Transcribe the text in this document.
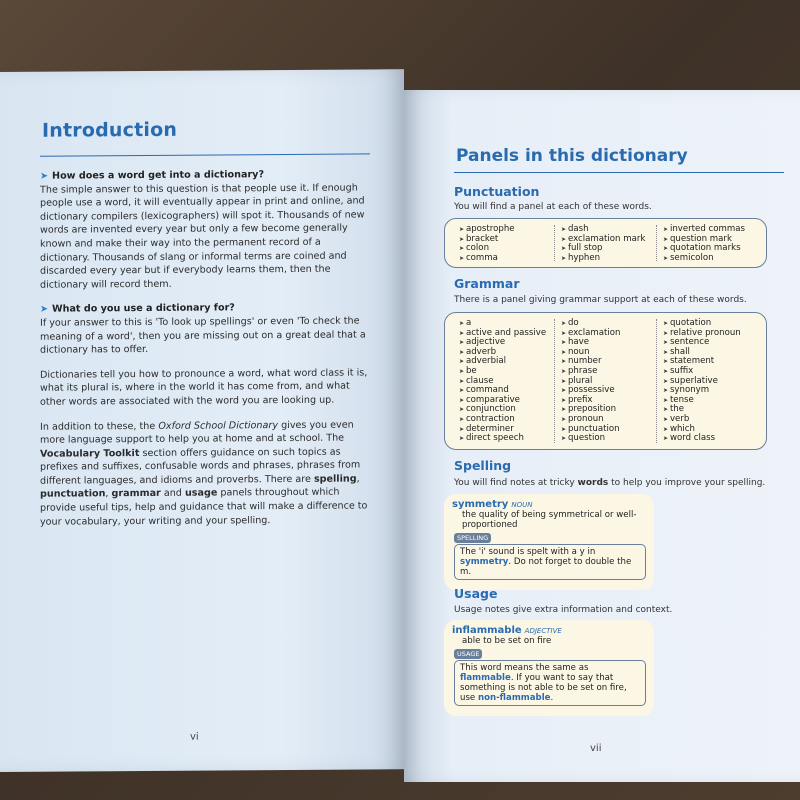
Introduction

➤ How does a word get into a dictionary?
The simple answer to this question is that people use it. If enough people use a word, it will eventually appear in print and online, and dictionary compilers (lexicographers) will spot it. Thousands of new words are invented every year but only a few become generally known and make their way into the permanent record of a dictionary. Thousands of slang or informal terms are coined and discarded every year but if everybody learns them, then the dictionary will record them.

➤ What do you use a dictionary for?
If your answer to this is 'To look up spellings' or even 'To check the meaning of a word', then you are missing out on a great deal that a dictionary has to offer.

Dictionaries tell you how to pronounce a word, what word class it is, what its plural is, where in the world it has come from, and what other words are associated with the word you are looking up.

In addition to these, the Oxford School Dictionary gives you even more language support to help you at home and at school. The Vocabulary Toolkit section offers guidance on such topics as prefixes and suffixes, confusable words and phrases, phrases from different languages, and idioms and proverbs. There are spelling, punctuation, grammar and usage panels throughout which provide useful tips, help and guidance that will make a difference to your vocabulary, your writing and your spelling.

vi
Panels in this dictionary
Punctuation
You will find a panel at each of these words.
➤ apostrophe
➤ bracket
➤ colon
➤ comma
➤ dash
➤ exclamation mark
➤ full stop
➤ hyphen
➤ inverted commas
➤ question mark
➤ quotation marks
➤ semicolon
Grammar
There is a panel giving grammar support at each of these words.
➤ a
➤ active and passive
➤ adjective
➤ adverb
➤ adverbial
➤ be
➤ clause
➤ command
➤ comparative
➤ conjunction
➤ contraction
➤ determiner
➤ direct speech
➤ do
➤ exclamation
➤ have
➤ noun
➤ number
➤ phrase
➤ plural
➤ possessive
➤ prefix
➤ preposition
➤ pronoun
➤ punctuation
➤ question
➤ quotation
➤ relative pronoun
➤ sentence
➤ shall
➤ statement
➤ suffix
➤ superlative
➤ synonym
➤ tense
➤ the
➤ verb
➤ which
➤ word class
Spelling
You will find notes at tricky words to help you improve your spelling.
symmetry NOUN
the quality of being symmetrical or well-proportioned
SPELLING
The 'i' sound is spelt with a y in symmetry. Do not forget to double the m.
Usage
Usage notes give extra information and context.
inflammable ADJECTIVE
able to be set on fire
USAGE
This word means the same as flammable. If you want to say that something is not able to be set on fire, use non-flammable.
vii
